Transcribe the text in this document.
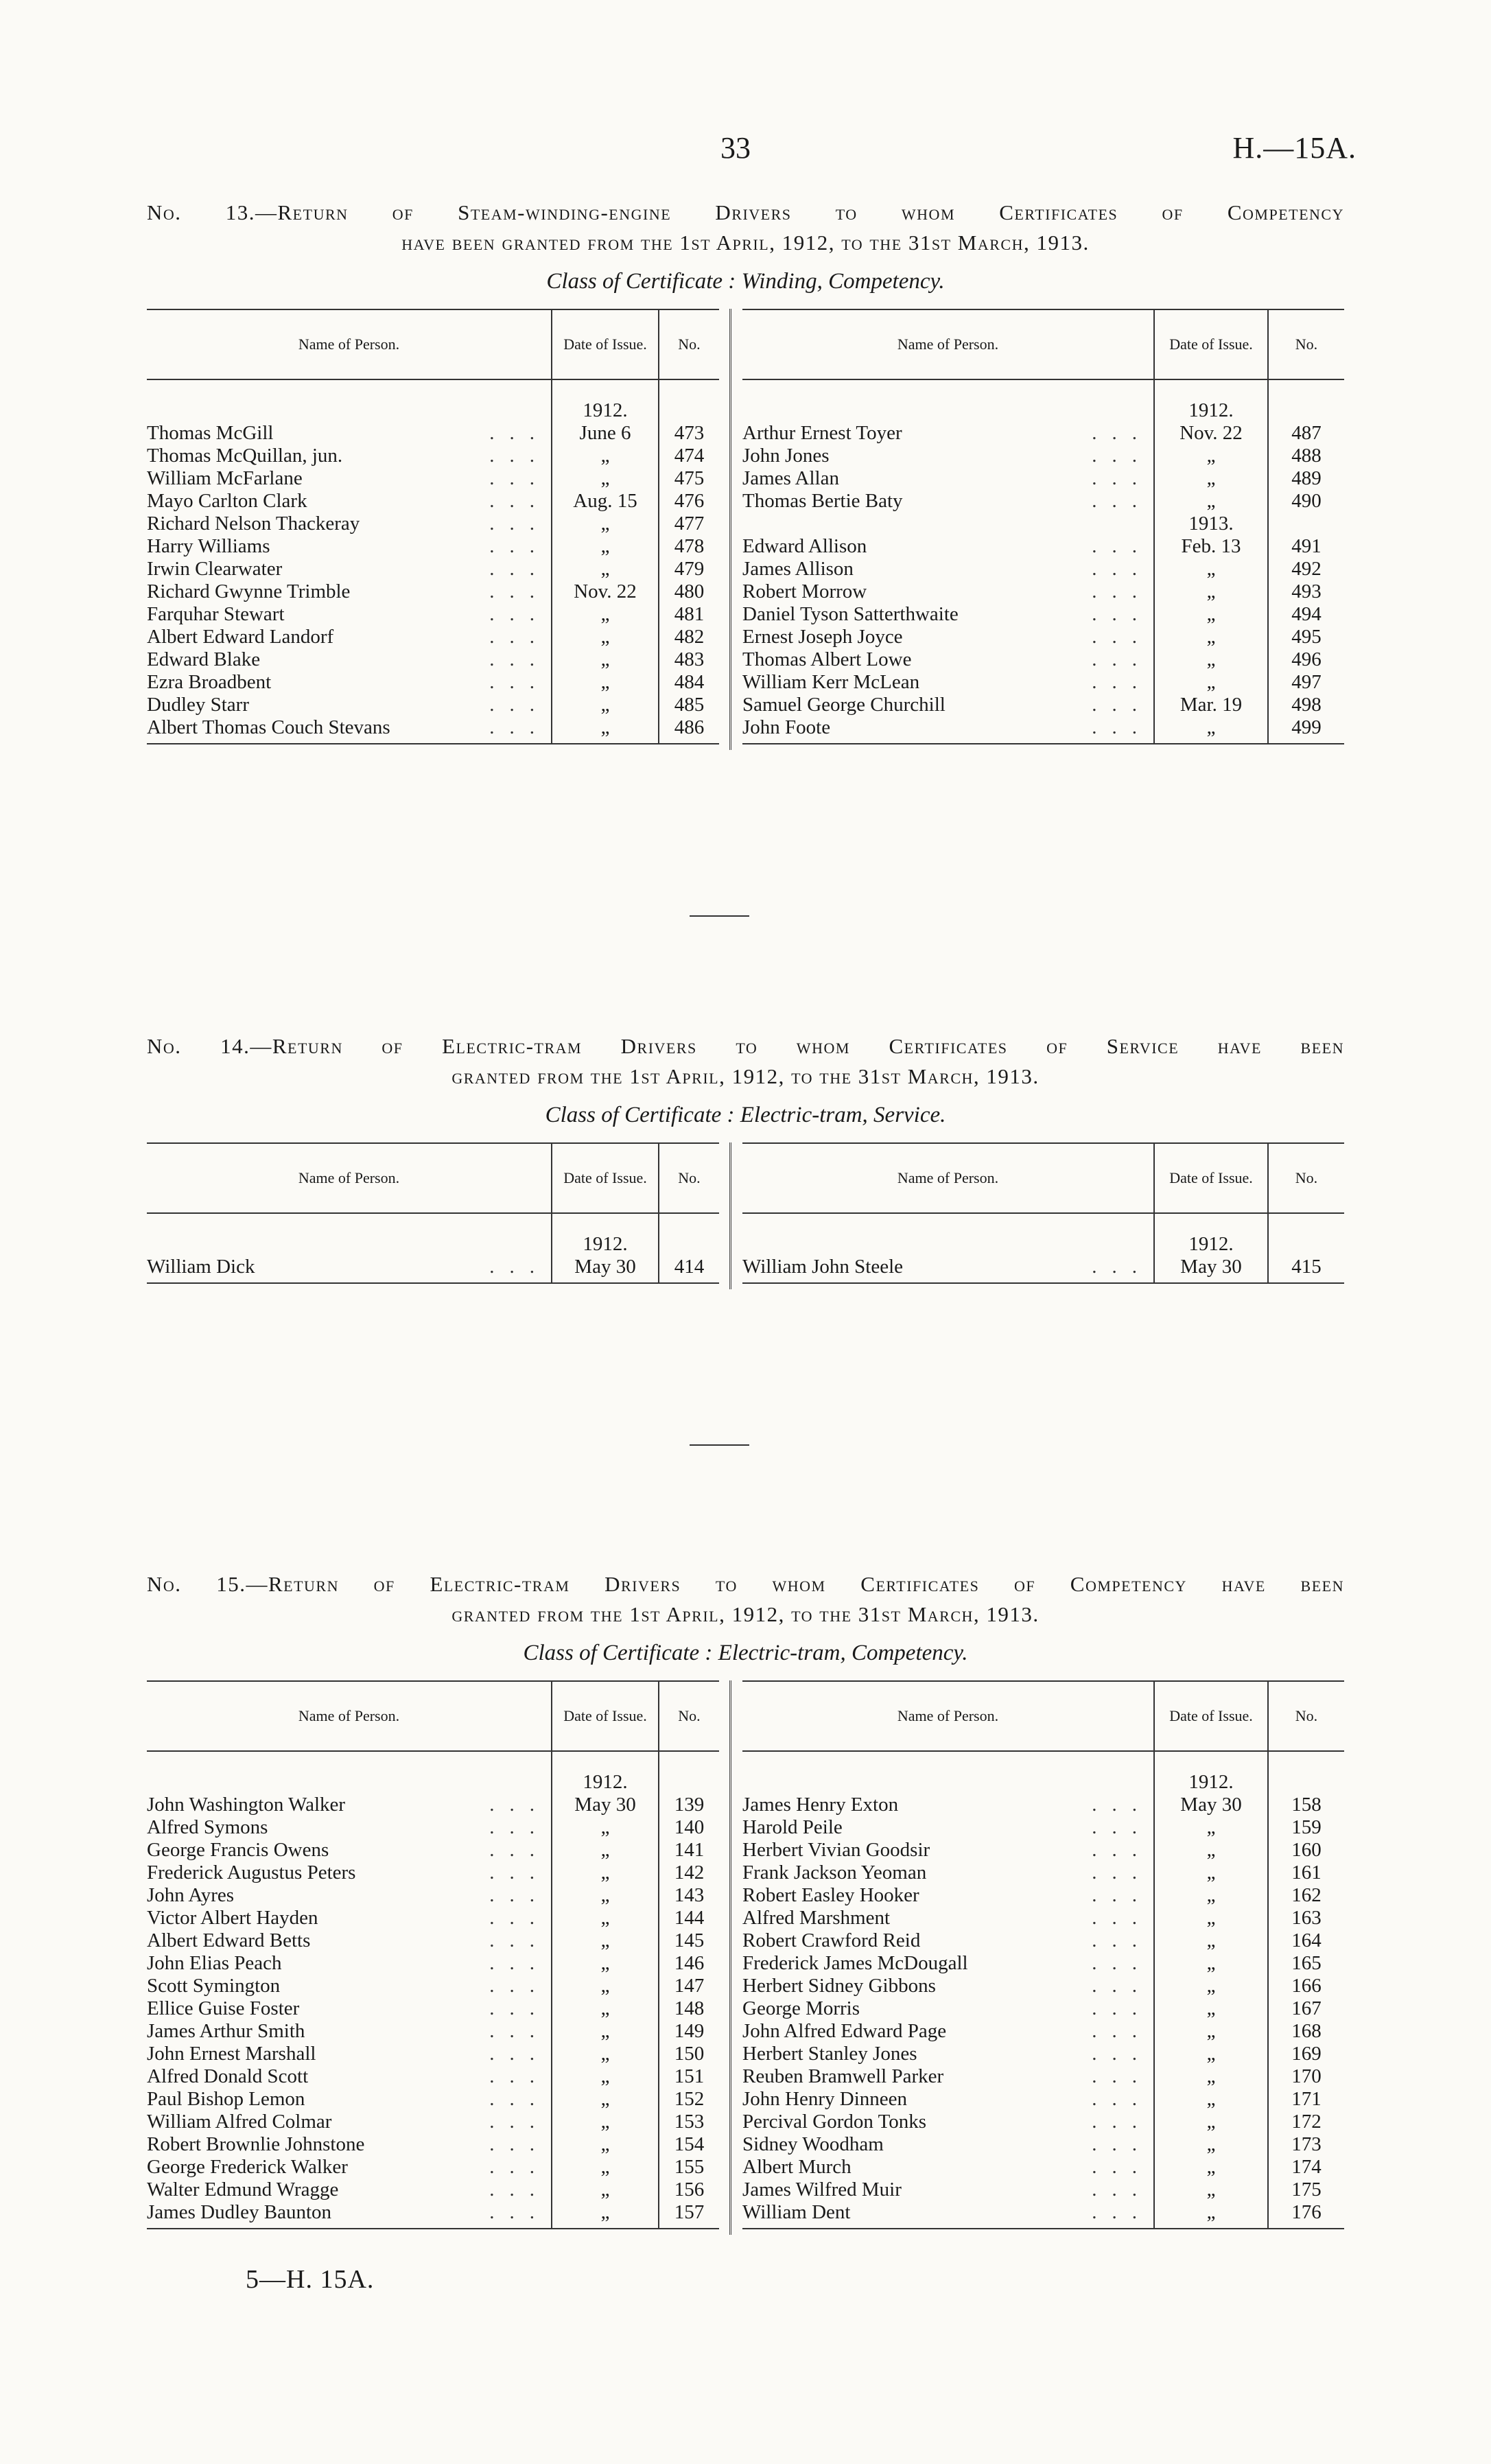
33	H.—15A.
No. 13.—Return of Steam-winding-engine Drivers to whom Certificates of Competency
have been granted from the 1st April, 1912, to the 31st March, 1913.
Class of Certificate : Winding, Competency.
Name of Person.	Date of Issue.	No.

	1912.	

...
Thomas McGill	June 6	473

...
Thomas McQuillan, jun.	„	474

...
William McFarlane	„	475

...
Mayo Carlton Clark	Aug. 15	476

...
Richard Nelson Thackeray	„	477

...
Harry Williams	„	478

...
Irwin Clearwater	„	479

...
Richard Gwynne Trimble	Nov. 22	480

...
Farquhar Stewart	„	481

...
Albert Edward Landorf	„	482

...
Edward Blake	„	483

...
Ezra Broadbent	„	484

...
Dudley Starr	„	485

...
Albert Thomas Couch Stevans	„	486

Name of Person.	Date of Issue.	No.

	1912.	

...
Arthur Ernest Toyer	Nov. 22	487

...
John Jones	„	488

...
James Allan	„	489

...
Thomas Bertie Baty	„	490
	1913.	

...
Edward Allison	Feb. 13	491

...
James Allison	„	492

...
Robert Morrow	„	493

...
Daniel Tyson Satterthwaite	„	494

...
Ernest Joseph Joyce	„	495

...
Thomas Albert Lowe	„	496

...
William Kerr McLean	„	497

...
Samuel George Churchill	Mar. 19	498

...
John Foote	„	499

No. 14.—Return of Electric-tram Drivers to whom Certificates of Service have been
granted from the 1st April, 1912, to the 31st March, 1913.
Class of Certificate : Electric-tram, Service.
Name of Person.	Date of Issue.	No.

	1912.	

...
William Dick	May 30	414

Name of Person.	Date of Issue.	No.

	1912.	

...
William John Steele	May 30	415

No. 15.—Return of Electric-tram Drivers to whom Certificates of Competency have been
granted from the 1st April, 1912, to the 31st March, 1913.
Class of Certificate : Electric-tram, Competency.
Name of Person.	Date of Issue.	No.

	1912.	

...
John Washington Walker	May 30	139

...
Alfred Symons	„	140

...
George Francis Owens	„	141

...
Frederick Augustus Peters	„	142

...
John Ayres	„	143

...
Victor Albert Hayden	„	144

...
Albert Edward Betts	„	145

...
John Elias Peach	„	146

...
Scott Symington	„	147

...
Ellice Guise Foster	„	148

...
James Arthur Smith	„	149

...
John Ernest Marshall	„	150

...
Alfred Donald Scott	„	151

...
Paul Bishop Lemon	„	152

...
William Alfred Colmar	„	153

...
Robert Brownlie Johnstone	„	154

...
George Frederick Walker	„	155

...
Walter Edmund Wragge	„	156

...
James Dudley Baunton	„	157

Name of Person.	Date of Issue.	No.

	1912.	

...
James Henry Exton	May 30	158

...
Harold Peile	„	159

...
Herbert Vivian Goodsir	„	160

...
Frank Jackson Yeoman	„	161

...
Robert Easley Hooker	„	162

...
Alfred Marshment	„	163

...
Robert Crawford Reid	„	164

...
Frederick James McDougall	„	165

...
Herbert Sidney Gibbons	„	166

...
George Morris	„	167

...
John Alfred Edward Page	„	168

...
Herbert Stanley Jones	„	169

...
Reuben Bramwell Parker	„	170

...
John Henry Dinneen	„	171

...
Percival Gordon Tonks	„	172

...
Sidney Woodham	„	173

...
Albert Murch	„	174

...
James Wilfred Muir	„	175

...
William Dent	„	176

5—H. 15A.
